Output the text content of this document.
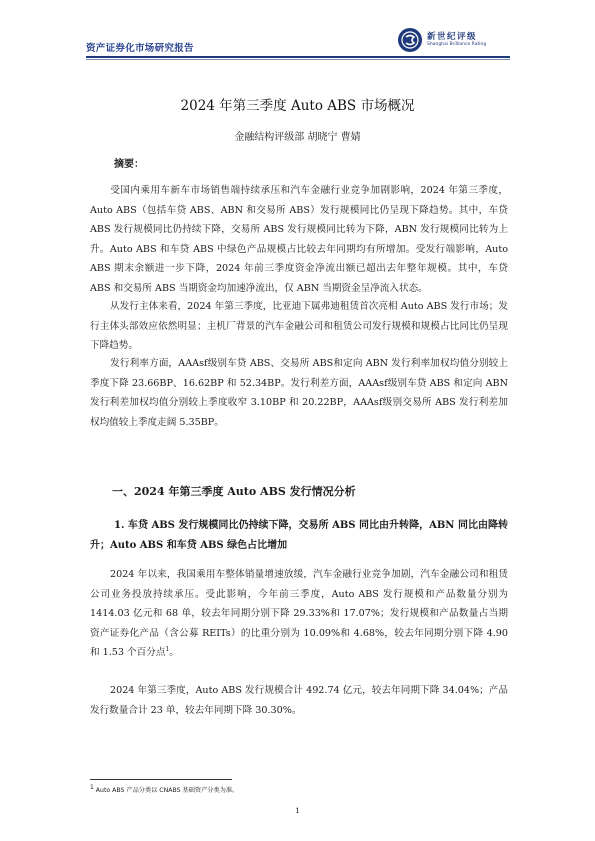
资产证券化市场研究报告
新世纪评级
Shanghai Brilliance Rating
2024 年第三季度 Auto ABS 市场概况
金融结构评级部 胡晓宁 曹婧
摘要：
受国内乘用车新车市场销售端持续承压和汽车金融行业竞争加剧影响，2024 年第三季度，Auto ABS（包括车贷 ABS、ABN 和交易所 ABS）发行规模同比仍呈现下降趋势。其中，车贷 ABS 发行规模同比仍持续下降，交易所 ABS 发行规模同比转为下降，ABN 发行规模同比转为上升。Auto ABS 和车贷 ABS 中绿色产品规模占比较去年同期均有所增加。受发行端影响，Auto ABS 期末余额进一步下降，2024 年前三季度资金净流出额已超出去年整年规模。其中，车贷 ABS 和交易所 ABS 当期资金均加速净流出，仅 ABN 当期资金呈净流入状态。
从发行主体来看，2024 年第三季度，比亚迪下属弗迪租赁首次亮相 Auto ABS 发行市场；发行主体头部效应依然明显；主机厂背景的汽车金融公司和租赁公司发行规模和规模占比同比仍呈现下降趋势。
发行利率方面，AAAsf级别车贷 ABS、交易所 ABS和定向 ABN 发行利率加权均值分别较上季度下降 23.66BP、16.62BP 和 52.34BP。发行利差方面，AAAsf级别车贷 ABS 和定向 ABN 发行利差加权均值分别较上季度收窄 3.10BP 和 20.22BP，AAAsf级别交易所 ABS 发行利差加权均值较上季度走阔 5.35BP。
一、2024 年第三季度 Auto ABS 发行情况分析
1. 车贷 ABS 发行规模同比仍持续下降，交易所 ABS 同比由升转降，ABN 同比由降转升；Auto ABS 和车贷 ABS 绿色占比增加
2024 年以来，我国乘用车整体销量增速放缓，汽车金融行业竞争加剧，汽车金融公司和租赁公司业务投放持续承压。受此影响，今年前三季度，Auto ABS 发行规模和产品数量分别为 1414.03 亿元和 68 单，较去年同期分别下降 29.33%和 17.07%；发行规模和产品数量占当期资产证券化产品（含公募 REITs）的比重分别为 10.09%和 4.68%，较去年同期分别下降 4.90 和 1.53 个百分点$^1$。
2024 年第三季度，Auto ABS 发行规模合计 492.74 亿元，较去年同期下降 34.04%；产品发行数量合计 23 单，较去年同期下降 30.30%。
$^1$ Auto ABS 产品分类以 CNABS 基础资产分类为准。
1
